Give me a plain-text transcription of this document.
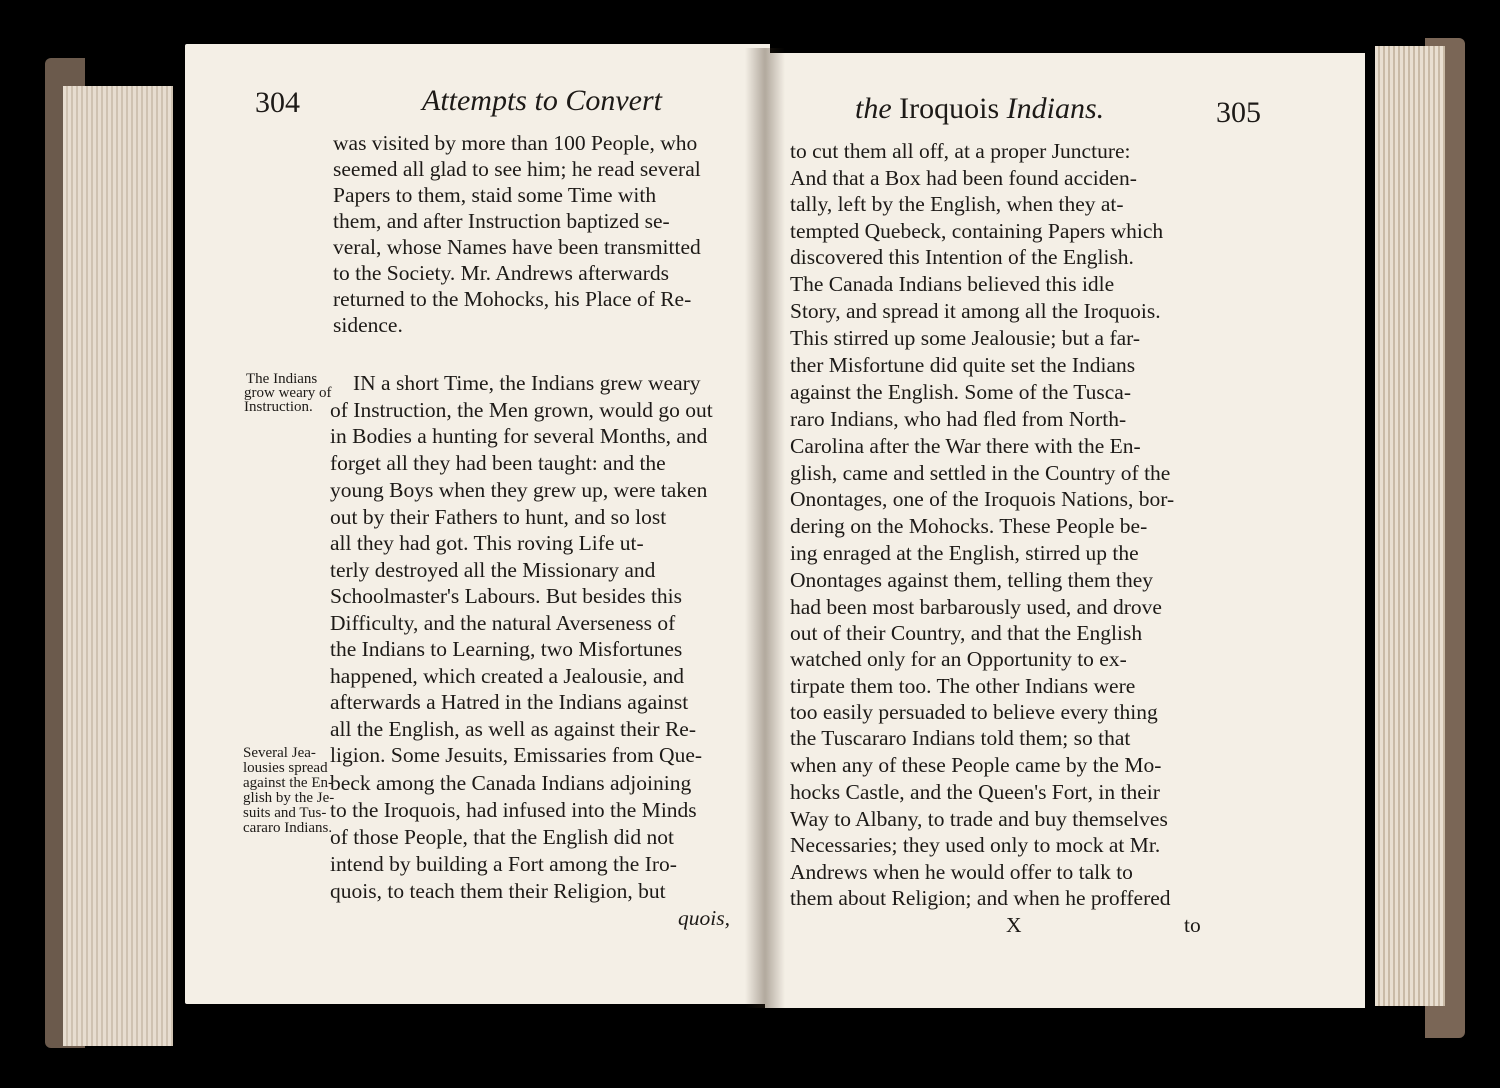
304	Attempts to Convert
was visited by more than 100 People, who
seemed all glad to see him; he read several
Papers to them, staid some Time with
them, and after Instruction baptized se-
veral, whose Names have been transmitted
to the Society. Mr. Andrews afterwards
returned to the Mohocks, his Place of Re-
sidence.
IN a short Time, the Indians grew weary
of Instruction, the Men grown, would go out
in Bodies a hunting for several Months, and
forget all they had been taught: and the
young Boys when they grew up, were taken
out by their Fathers to hunt, and so lost
all they had got. This roving Life ut-
terly destroyed all the Missionary and
Schoolmaster's Labours. But besides this
Difficulty, and the natural Averseness of
the Indians to Learning, two Misfortunes
happened, which created a Jealousie, and
afterwards a Hatred in the Indians against
all the English, as well as against their Re-
ligion. Some Jesuits, Emissaries from Que-
beck among the Canada Indians adjoining
to the Iroquois, had infused into the Minds
of those People, that the English did not
intend by building a Fort among the Iro-
quois, to teach them their Religion, but
quois,
The Indians
grow weary of
Instruction.
Several Jea-
lousies spread
against the En-
glish by the Je-
suits and Tus-
cararo Indians.
the Iroquois Indians.	305
to cut them all off, at a proper Juncture:
And that a Box had been found acciden-
tally, left by the English, when they at-
tempted Quebeck, containing Papers which
discovered this Intention of the English.
The Canada Indians believed this idle
Story, and spread it among all the Iroquois.
This stirred up some Jealousie; but a far-
ther Misfortune did quite set the Indians
against the English. Some of the Tusca-
raro Indians, who had fled from North-
Carolina after the War there with the En-
glish, came and settled in the Country of the
Onontages, one of the Iroquois Nations, bor-
dering on the Mohocks. These People be-
ing enraged at the English, stirred up the
Onontages against them, telling them they
had been most barbarously used, and drove
out of their Country, and that the English
watched only for an Opportunity to ex-
tirpate them too. The other Indians were
too easily persuaded to believe every thing
the Tuscararo Indians told them; so that
when any of these People came by the Mo-
hocks Castle, and the Queen's Fort, in their
Way to Albany, to trade and buy themselves
Necessaries; they used only to mock at Mr.
Andrews when he would offer to talk to
them about Religion; and when he proffered
X	to
